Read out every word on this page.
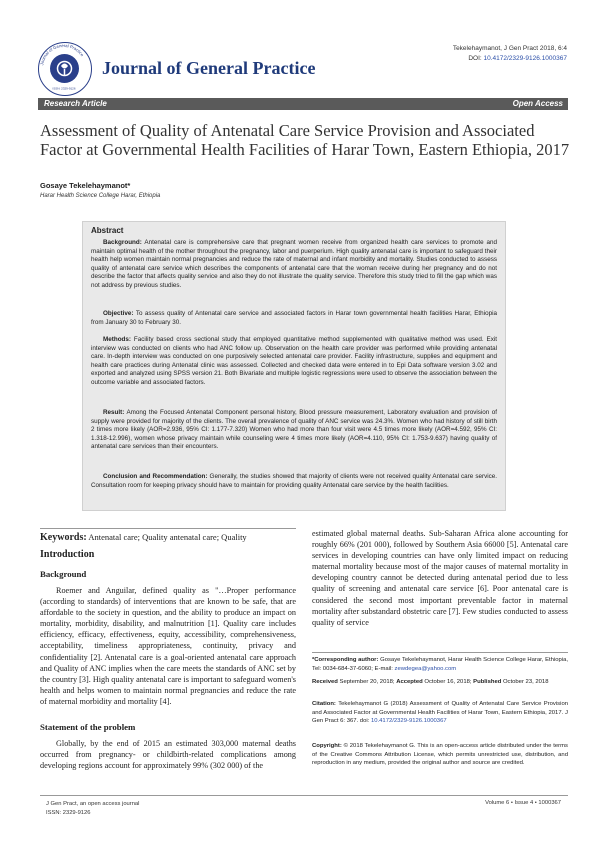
Journal of General Practice
ISSN: 2329-9126
Journal of General Practice
Tekelehaymanot, J Gen Pract 2018, 6:4
DOI: 10.4172/2329-9126.1000367
Research Article	Open Access
Assessment of Quality of Antenatal Care Service Provision and Associated Factor at Governmental Health Facilities of Harar Town, Eastern Ethiopia, 2017
Gosaye Tekelehaymanot*
Harar Health Science College Harar, Ethiopia
Abstract
Background: Antenatal care is comprehensive care that pregnant women receive from organized health care services to promote and maintain optimal health of the mother throughout the pregnancy, labor and puerperium. High quality antenatal care is important to safeguard their health help women maintain normal pregnancies and reduce the rate of maternal and infant morbidity and mortality. Studies conducted to assess quality of antenatal care service which describes the components of antenatal care that the woman receive during her pregnancy and do not describe the factor that affects quality service and also they do not illustrate the quality service. Therefore this study tried to fill the gap which was not address by previous studies.
Objective: To assess quality of Antenatal care service and associated factors in Harar town governmental health facilities Harar, Ethiopia from January 30 to February 30.
Methods: Facility based cross sectional study that employed quantitative method supplemented with qualitative method was used. Exit interview was conducted on clients who had ANC follow up. Observation on the health care provider was performed while providing antenatal care. In-depth interview was conducted on one purposively selected antenatal care provider. Facility infrastructure, supplies and equipment and health care practices during Antenatal clinic was assessed. Collected and checked data were entered in to Epi Data software version 3.02 and exported and analyzed using SPSS version 21. Both Bivariate and multiple logistic regressions were used to observe the association between the outcome variable and associated factors.
Result: Among the Focused Antenatal Component personal history, Blood pressure measurement, Laboratory evaluation and provision of supply were provided for majority of the clients. The overall prevalence of quality of ANC service was 24.3%. Women who had history of still birth 2 times more likely (AOR=2.936, 95% CI: 1.177-7.320) Women who had more than four visit were 4.5 times more likely (AOR=4.592, 95% CI: 1.318-12.996), women whose privacy maintain while counseling were 4 times more likely (AOR=4.110, 95% CI: 1.753-9.637) having quality of antenatal care services than their encounters.
Conclusion and Recommendation: Generally, the studies showed that majority of clients were not received quality Antenatal care service. Consultation room for keeping privacy should have to maintain for providing quality Antenatal care service by the health facilities.
Keywords: Antenatal care; Quality antenatal care; Quality
Introduction
Background
Roemer and Anguilar, defined quality as "…Proper performance (according to standards) of interventions that are known to be safe, that are affordable to the society in question, and the ability to produce an impact on mortality, morbidity, disability, and malnutrition [1]. Quality care includes efficiency, efficacy, effectiveness, equity, accessibility, comprehensiveness, acceptability, timeliness appropriateness, continuity, privacy and confidentiality [2]. Antenatal care is a goal-oriented antenatal care approach and Quality of ANC implies when the care meets the standards of ANC set by the country [3]. High quality antenatal care is important to safeguard women's health and helps women to maintain normal pregnancies and reduce the rate of maternal morbidity and mortality [4].
Statement of the problem
Globally, by the end of 2015 an estimated 303,000 maternal deaths occurred from pregnancy- or childbirth-related complications among developing regions account for approximately 99% (302 000) of the
estimated global maternal deaths. Sub-Saharan Africa alone accounting for roughly 66% (201 000), followed by Southern Asia 66000 [5]. Antenatal care services in developing countries can have only limited impact on reducing maternal mortality because most of the major causes of maternal mortality in developing country cannot be detected during antenatal period due to less quality of screening and antenatal care service [6]. Poor antenatal care is considered the second most important preventable factor in maternal mortality after substandard obstetric care [7]. Few studies conducted to assess quality of service
*Corresponding author: Gosaye Tekelehaymanot, Harar Health Science College Harar, Ethiopia, Tel: 0034-684-37-6060; E-mail: zewdegea@yahoo.com
Received September 20, 2018; Accepted October 16, 2018; Published October 23, 2018
Citation: Tekelehaymanot G (2018) Assessment of Quality of Antenatal Care Service Provision and Associated Factor at Governmental Health Facilities of Harar Town, Eastern Ethiopia, 2017. J Gen Pract 6: 367. doi: 10.4172/2329-9126.1000367
Copyright: © 2018 Tekelehaymanot G. This is an open-access article distributed under the terms of the Creative Commons Attribution License, which permits unrestricted use, distribution, and reproduction in any medium, provided the original author and source are credited.
J Gen Pract, an open access journal
ISSN: 2329-9126
Volume 6 • Issue 4 • 1000367
